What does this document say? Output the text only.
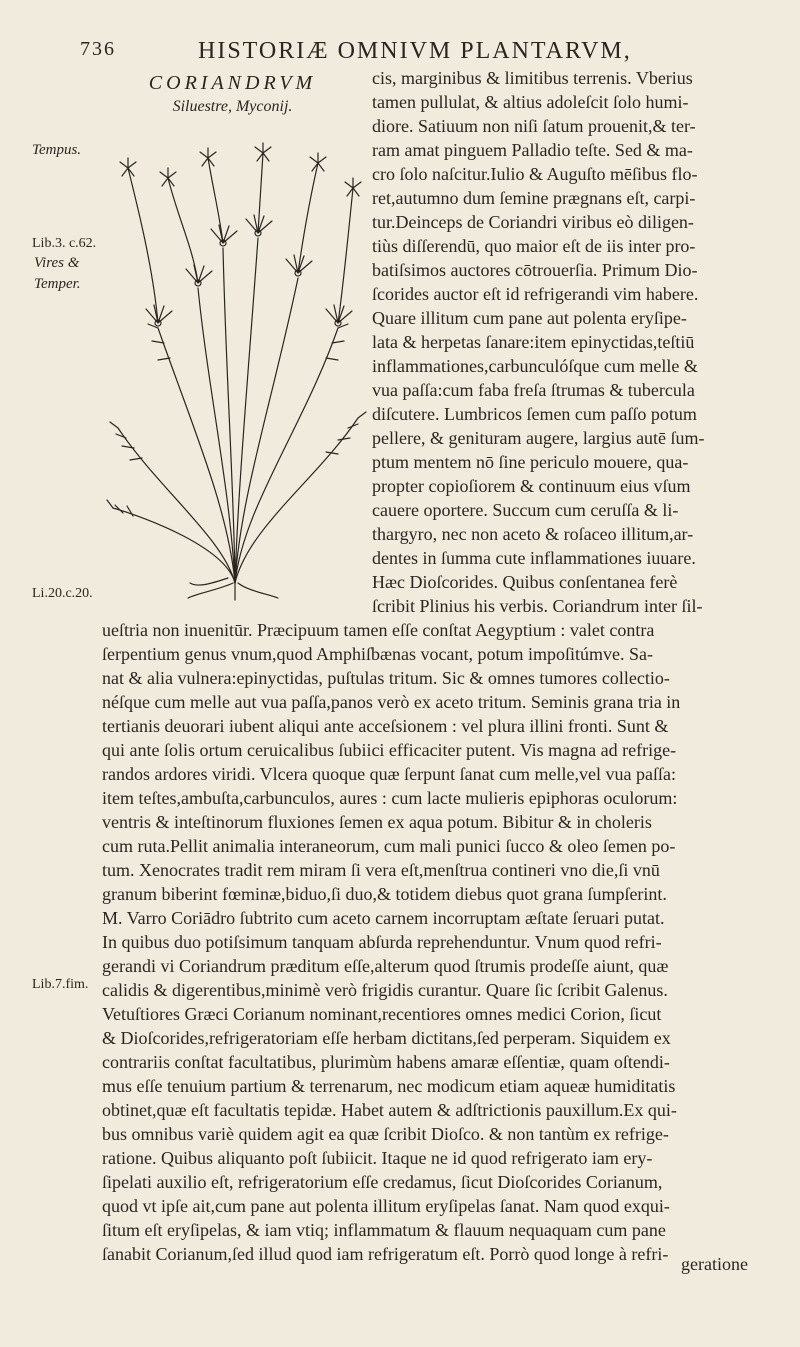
736	HISTORIÆ OMNIVM PLANTARVM,
CORIANDRVM
Siluestre, Myconij.
Tempus.
Lib.3. c.62.
Vires &
Temper.
Li.20.c.20.
Lib.7.fim.
cis, marginibus & limitibus terrenis. Vberius
tamen pullulat, & altius adoleſcit ſolo humi-
diore. Satiuum non niſi ſatum prouenit,& ter-
ram amat pinguem Palladio teſte. Sed & ma-
cro ſolo naſcitur.Iulio & Auguſto mēſibus flo-
ret,autumno dum ſemine prægnans eſt, carpi-
tur.Deinceps de Coriandri viribus eò diligen-
tiùs diſſerendū, quo maior eſt de iis inter pro-
batiſsimos auctores cōtrouerſia. Primum Dio-
ſcorides auctor eſt id refrigerandi vim habere.
Quare illitum cum pane aut polenta eryſipe-
lata & herpetas ſanare:item epinyctidas,teſtiū
inflammationes,carbunculóſque cum melle &
vua paſſa:cum faba freſa ſtrumas & tubercula
diſcutere. Lumbricos ſemen cum paſſo potum
pellere, & genituram augere, largius autē ſum-
ptum mentem nō ſine periculo mouere, qua-
propter copioſiorem & continuum eius vſum
cauere oportere. Succum cum ceruſſa & li-
thargyro, nec non aceto & roſaceo illitum,ar-
dentes in ſumma cute inflammationes iuuare.
Hæc Dioſcorides. Quibus conſentanea ferè
ſcribit Plinius his verbis. Coriandrum inter ſil-
ueſtria non inuenitūr. Præcipuum tamen eſſe conſtat Aegyptium : valet contra
ſerpentium genus vnum,quod Amphiſbænas vocant, potum impoſitúmve. Sa-
nat & alia vulnera:epinyctidas, puſtulas tritum. Sic & omnes tumores collectio-
néſque cum melle aut vua paſſa,panos verò ex aceto tritum. Seminis grana tria in
tertianis deuorari iubent aliqui ante acceſsionem : vel plura illini fronti. Sunt &
qui ante ſolis ortum ceruicalibus ſubiici efficaciter putent. Vis magna ad refrige-
randos ardores viridi. Vlcera quoque quæ ſerpunt ſanat cum melle,vel vua paſſa:
item teſtes,ambuſta,carbunculos, aures : cum lacte mulieris epiphoras oculorum:
ventris & inteſtinorum fluxiones ſemen ex aqua potum. Bibitur & in choleris
cum ruta.Pellit animalia interaneorum, cum mali punici ſucco & oleo ſemen po-
tum. Xenocrates tradit rem miram ſi vera eſt,menſtrua contineri vno die,ſi vnū
granum biberint fœminæ,biduo,ſi duo,& totidem diebus quot grana ſumpſerint.
M. Varro Coriādro ſubtrito cum aceto carnem incorruptam æſtate ſeruari putat.
In quibus duo potiſsimum tanquam abſurda reprehenduntur. Vnum quod refri-
gerandi vi Coriandrum præditum eſſe,alterum quod ſtrumis prodeſſe aiunt, quæ
calidis & digerentibus,minimè verò frigidis curantur. Quare ſic ſcribit Galenus.
Vetuſtiores Græci Corianum nominant,recentiores omnes medici Corion, ſicut
& Dioſcorides,refrigeratoriam eſſe herbam dictitans,ſed perperam. Siquidem ex
contrariis conſtat facultatibus, plurimùm habens amaræ eſſentiæ, quam oſtendi-
mus eſſe tenuium partium & terrenarum, nec modicum etiam aqueæ humiditatis
obtinet,quæ eſt facultatis tepidæ. Habet autem & adſtrictionis pauxillum.Ex qui-
bus omnibus variè quidem agit ea quæ ſcribit Dioſco. & non tantùm ex refrige-
ratione. Quibus aliquanto poſt ſubiicit. Itaque ne id quod refrigerato iam ery-
ſipelati auxilio eſt, refrigeratorium eſſe credamus, ſicut Dioſcorides Corianum,
quod vt ipſe ait,cum pane aut polenta illitum eryſipelas ſanat. Nam quod exqui-
ſitum eſt eryſipelas, & iam vtiq; inflammatum & flauum nequaquam cum pane
ſanabit Corianum,ſed illud quod iam refrigeratum eſt. Porrò quod longe à refri- geratione
